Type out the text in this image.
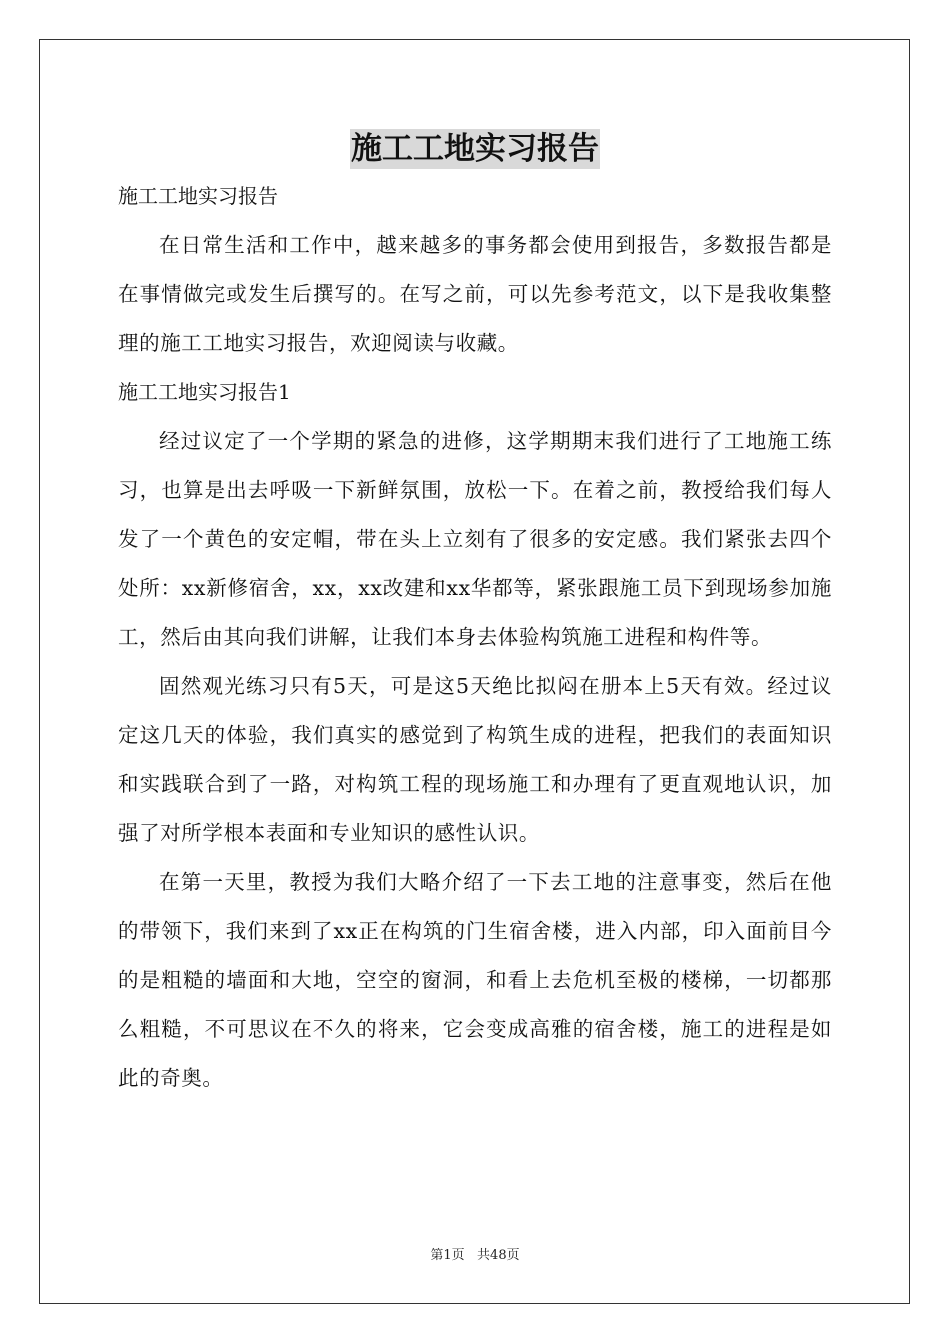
施工工地实习报告

施工工地实习报告

在日常生活和工作中，越来越多的事务都会使用到报告，多数报告都是在事情做完或发生后撰写的。在写之前，可以先参考范文，以下是我收集整理的施工工地实习报告，欢迎阅读与收藏。

施工工地实习报告1

经过议定了一个学期的紧急的进修，这学期期末我们进行了工地施工练习，也算是出去呼吸一下新鲜氛围，放松一下。在着之前，教授给我们每人发了一个黄色的安定帽，带在头上立刻有了很多的安定感。我们紧张去四个处所：xx新修宿舍，xx，xx改建和xx华都等，紧张跟施工员下到现场参加施工，然后由其向我们讲解，让我们本身去体验构筑施工进程和构件等。

固然观光练习只有5天，可是这5天绝比拟闷在册本上5天有效。经过议定这几天的体验，我们真实的感觉到了构筑生成的进程，把我们的表面知识和实践联合到了一路，对构筑工程的现场施工和办理有了更直观地认识，加强了对所学根本表面和专业知识的感性认识。

在第一天里，教授为我们大略介绍了一下去工地的注意事变，然后在他的带领下，我们来到了xx正在构筑的门生宿舍楼，进入内部，印入面前目今的是粗糙的墙面和大地，空空的窗洞，和看上去危机至极的楼梯，一切都那么粗糙，不可思议在不久的将来，它会变成高雅的宿舍楼，施工的进程是如此的奇奥。

第1页   共48页
